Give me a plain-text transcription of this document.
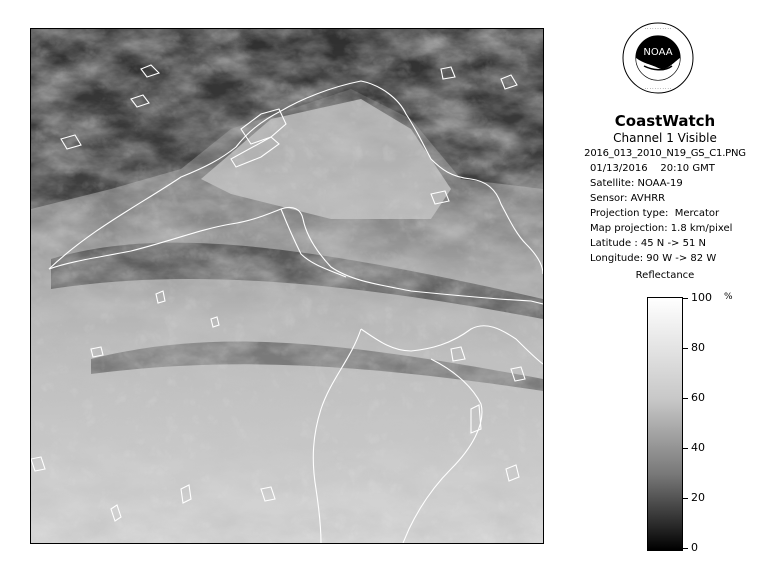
NOAA
· · · · · · · · · · ·
· · · · · · · · · · ·
CoastWatch
Channel 1 Visible
2016_013_2010_N19_GS_C1.PNG
01/13/2016    20:10 GMT
Satellite: NOAA-19
Sensor: AVHRR
Projection type:  Mercator
Map projection: 1.8 km/pixel
Latitude : 45 N -> 51 N
Longitude: 90 W -> 82 W
Reflectance
%
100
80
60
40
20
0
